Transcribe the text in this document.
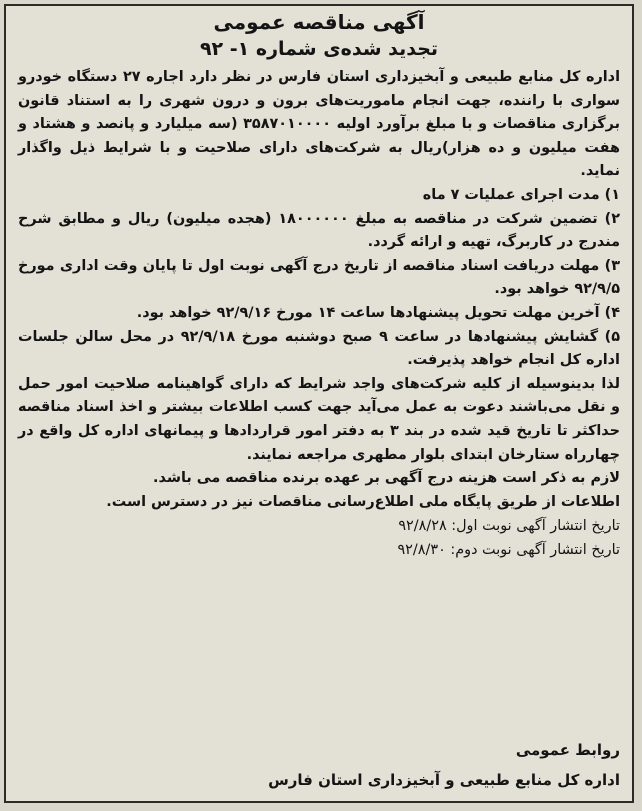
آگهی مناقصه عمومی
تجدید شده‌ی شماره ۱- ۹۲

اداره کل منابع طبیعی و آبخیزداری استان فارس در نظر دارد اجاره ۲۷ دستگاه خودرو سواری با راننده، جهت انجام ماموریت‌های برون و درون شهری را به استناد قانون برگزاری مناقصات و با مبلغ برآورد اولیه ۳۵۸۷۰۱۰۰۰۰ (سه میلیارد و پانصد و هشتاد و هفت میلیون و ده هزار)ریال به شرکت‌های دارای صلاحیت و با شرایط ذیل واگذار نماید.

۱) مدت اجرای عملیات ۷ ماه

۲) تضمین شرکت در مناقصه به مبلغ ۱۸۰۰۰۰۰۰ (هجده میلیون) ریال و مطابق شرح مندرج در کاربرگ، تهیه و ارائه گردد.

۳) مهلت دریافت اسناد مناقصه از تاریخ درج آگهی نوبت اول تا پایان وقت اداری مورخ ۹۲/۹/۵ خواهد بود.

۴) آخرین مهلت تحویل پیشنهادها ساعت ۱۴ مورخ ۹۲/۹/۱۶ خواهد بود.

۵) گشایش پیشنهادها در ساعت ۹ صبح دوشنبه مورخ ۹۲/۹/۱۸ در محل سالن جلسات اداره کل انجام خواهد پذیرفت.

لذا بدینوسیله از کلیه شرکت‌های واجد شرایط که دارای گواهینامه صلاحیت امور حمل و نقل می‌باشند دعوت به عمل می‌آید جهت کسب اطلاعات بیشتر و اخذ اسناد مناقصه حداکثر تا تاریخ قید شده در بند ۳ به دفتر امور قراردادها و پیمانهای اداره کل واقع در چهارراه ستارخان ابتدای بلوار مطهری مراجعه نمایند.

لازم به ذکر است هزینه درج آگهی بر عهده برنده مناقصه می باشد.

اطلاعات از طریق پایگاه ملی اطلاع‌رسانی مناقصات نیز در دسترس است.

تاریخ انتشار آگهی نوبت اول: ۹۲/۸/۲۸
تاریخ انتشار آگهی نوبت دوم: ۹۲/۸/۳۰
روابط عمومی
اداره کل منابع طبیعی و آبخیزداری استان فارس
